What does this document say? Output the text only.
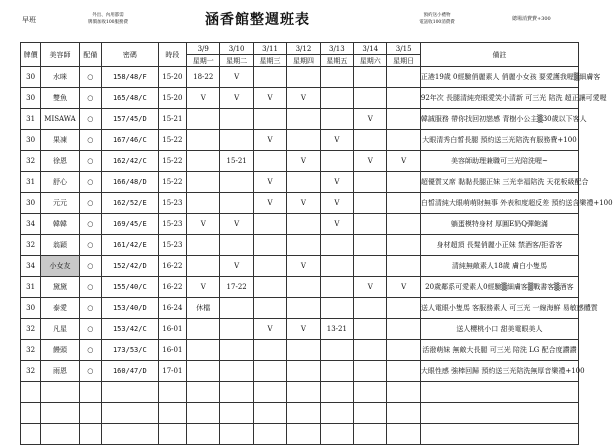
早班
外出、內用都需
牌價加收100服務費	涵香館整週班表	預約送小禮物
電話收100消費費
總場消費費+300
牌價	美容師	配備	密碼	時段	3/9	3/10	3/11	3/12	3/13	3/14	3/15	備註
					星期一	星期二	星期三	星期四	星期五	星期六	星期日	
30	水咪	○	158/48/F	15-20	18-22	V						正港19歲 0經驗俏麗素人 俏麗小女孩 要愛護我喔▒細膚客
30	雙魚	○	165/48/C	15-20	V	V	V	V				92年次 長腿清純亮眼愛笑小清新 可三光 陪洗 超正讓可愛喔
31	MISAWA	○	157/45/D	15-21						V		韓誠服務 帶你找回初戀感 青樹小公主▒30歲以下客人
30	果凍	○	167/46/C	15-22			V		V			大眼清秀白皙長腿 預約送三光陪洗有服務費+100
32	徐恩	○	162/42/C	15-22		15-21		V		V	V	美容師助理兼職可三光陪洗喔~
31	舒心	○	166/48/D	15-22			V		V			超優質又席 黏黏長腿正妹 三光幸福陪洗 天花板級配合
30	元元	○	162/52/E	15-23			V	V	V			白皙清純大眼萌萌財無事 外表和度超反差 預約送含樂禮+100
34	韓韓	○	169/45/E	15-23	V	V			V			躺蛋模特身材 厚圓E奶Q彈飽滿
32	翁穎	○	161/42/E	15-23								身材超頂 長髮俏麗小正妹 禁酒客/拒香客
34	小女友	○	152/42/D	16-22		V		V				清純無敵素人18歲 膚白小隻馬
31	黛黛	○	155/40/C	16-22	V	17-22				V	V	20歲鄰系可愛素人0經驗▒細膚客▒戰書客▒酒客
30	泰愛	○	153/40/D	16-24	休檔							送人電眼小隻馬 客服務素人 可三光 一線海鮮 易敏感體質
32	凡星	○	153/42/C	16-01			V	V	13-21			送人櫻桃小口 甜美電眼美人
32	饅頭	○	173/53/C	16-01								活潑萌妹 無敵大長腿 可三光 陪洗 LG 配合度讚讚
32	雨恩	○	160/47/D	17-01								大眼性感 強棒回歸 預約送三光陪洗無厚音樂禮+100
